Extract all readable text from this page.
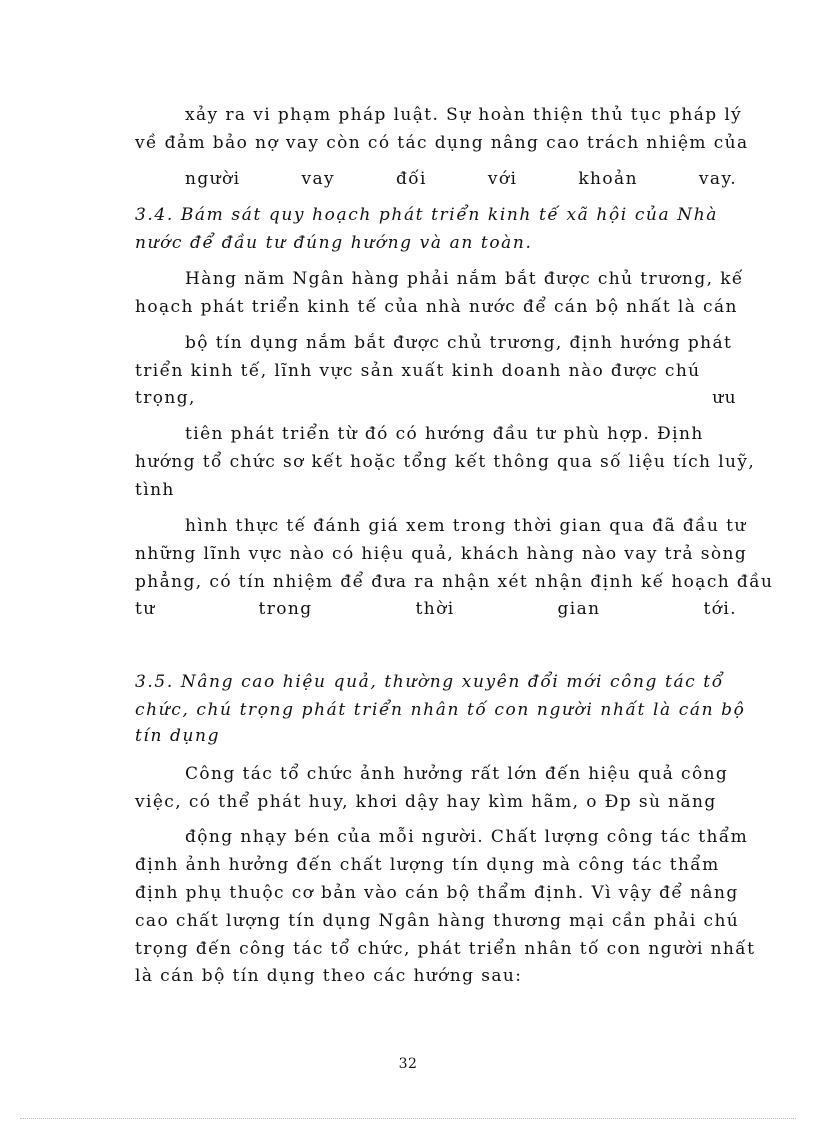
xảy ra vi phạm pháp luật. Sự hoàn thiện thủ tục pháp lý
về đảm bảo nợ vay còn có tác dụng nâng cao trách nhiệm của
người	vay	đối	với	khoản	vay.
3.4. Bám sát quy hoạch phát triển kinh tế xã hội của Nhà
nước để đầu tư đúng hướng và an toàn.
Hàng năm Ngân hàng phải nắm bắt được chủ trương, kế
hoạch phát triển kinh tế của nhà nước để cán bộ nhất là cán
bộ tín dụng nắm bắt được chủ trương, định hướng phát
triển kinh tế, lĩnh vực sản xuất kinh doanh nào được chú
trọng,	ưu
tiên phát triển từ đó có hướng đầu tư phù hợp. Định
hướng tổ chức sơ kết hoặc tổng kết thông qua số liệu tích luỹ,
tình
hình thực tế đánh giá xem trong thời gian qua đã đầu tư
những lĩnh vực nào có hiệu quả, khách hàng nào vay trả sòng
phẳng, có tín nhiệm để đưa ra nhận xét nhận định kế hoạch đầu
tư	trong	thời	gian	tới.
3.5. Nâng cao hiệu quả, thường xuyên đổi mới công tác tổ
chức, chú trọng phát triển nhân tố con người nhất là cán bộ
tín dụng
Công tác tổ chức ảnh hưởng rất lớn đến hiệu quả công
việc, có thể phát huy, khơi dậy hay kìm hãm, o Đp sù năng
động nhạy bén của mỗi người. Chất lượng công tác thẩm
định ảnh hưởng đến chất lượng tín dụng mà công tác thẩm
định phụ thuộc cơ bản vào cán bộ thẩm định. Vì vậy để nâng
cao chất lượng tín dụng Ngân hàng thương mại cần phải chú
trọng đến công tác tổ chức, phát triển nhân tố con người nhất
là cán bộ tín dụng theo các hướng sau:
32
